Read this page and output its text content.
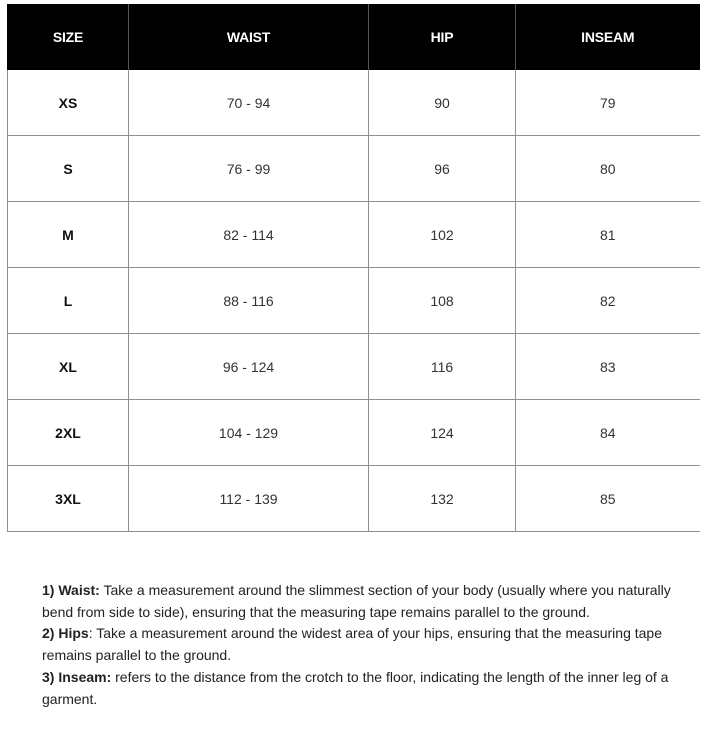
SIZE	WAIST	HIP	INSEAM
XS	70 - 94	90	79
S	76 - 99	96	80
M	82 - 114	102	81
L	88 - 116	108	82
XL	96 - 124	116	83
2XL	104 - 129	124	84
3XL	112 - 139	132	85

1) Waist: Take a measurement around the slimmest section of your body (usually where you naturally bend from side to side), ensuring that the measuring tape remains parallel to the ground.

2) Hips: Take a measurement around the widest area of your hips, ensuring that the measuring tape remains parallel to the ground.

3) Inseam: refers to the distance from the crotch to the floor, indicating the length of the inner leg of a garment.
